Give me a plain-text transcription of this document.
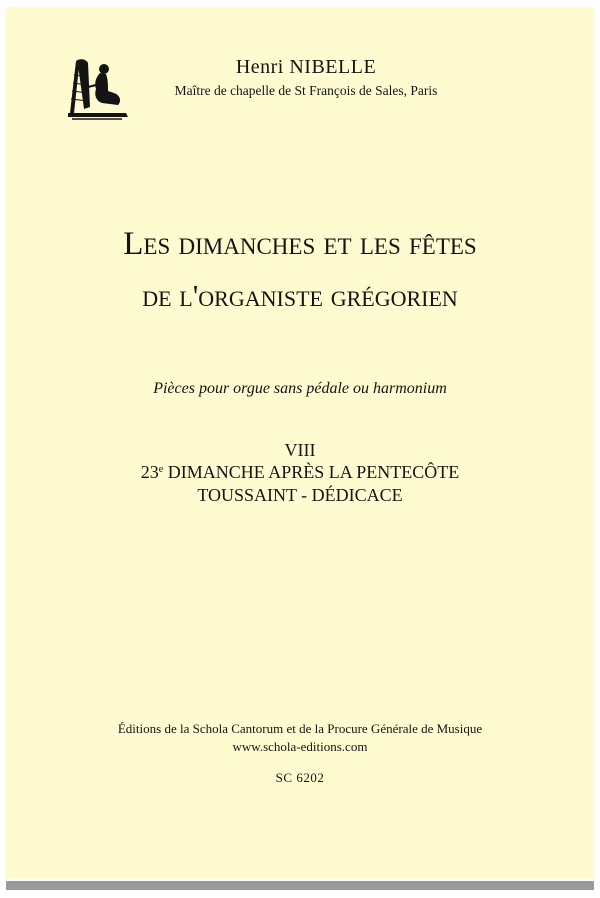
Henri NIBELLE
Maître de chapelle de St François de Sales, Paris
Les dimanches et les fêtes
de l'organiste grégorien
Pièces pour orgue sans pédale ou harmonium
VIII
23e DIMANCHE APRÈS LA PENTECÔTE
TOUSSAINT - DÉDICACE
Éditions de la Schola Cantorum et de la Procure Générale de Musique
www.schola-editions.com
SC 6202
